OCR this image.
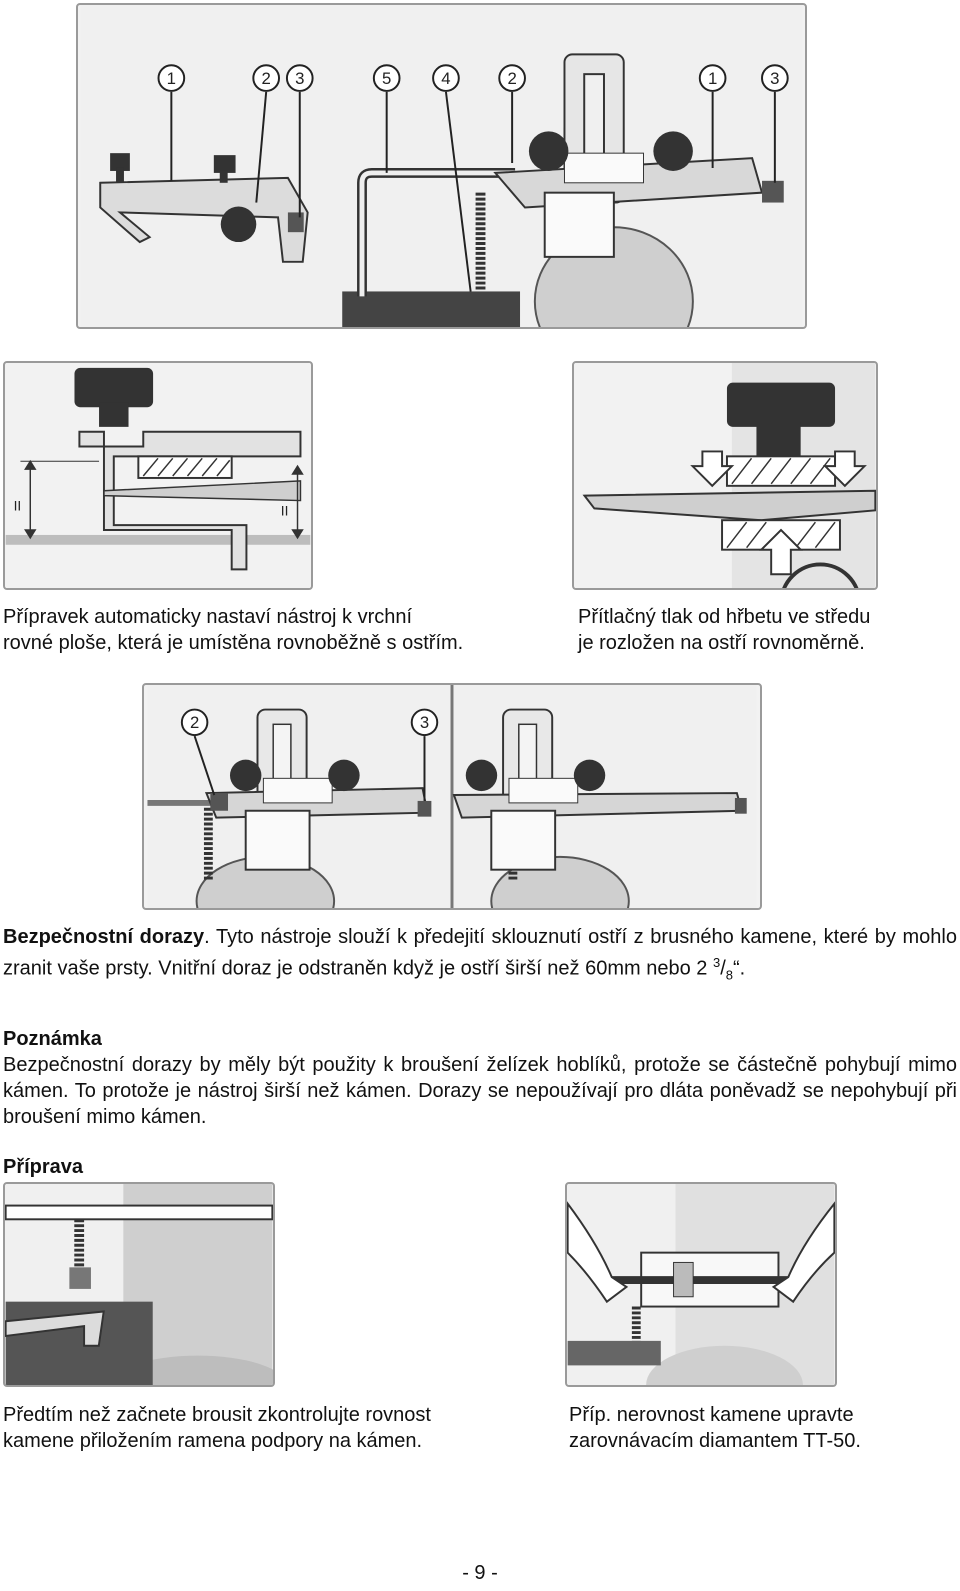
1	2 3	5	4	2	1	3
II	II

Přípravek automaticky nastaví nástroj k vrchní

rovné ploše, která je umístěna rovnoběžně s ostřím.

Přítlačný tlak od hřbetu ve středu

je rozložen na ostří rovnoměrně.

2	3

Bezpečnostní dorazy. Tyto nástroje slouží k předejití sklouznutí ostří z brusného kamene, které by mohlo zranit vaše prsty. Vnitřní doraz je odstraněn když je ostří širší než 60mm nebo 2 $^3/_8“$.

Poznámka

Bezpečnostní dorazy by měly být použity k broušení želízek hoblíků, protože se částečně pohybují mimo kámen. To protože je nástroj širší než kámen. Dorazy se nepoužívají pro dláta poněvadž se nepohybují při broušení mimo kámen.

Příprava

Předtím než začnete brousit zkontrolujte rovnost

kamene přiložením ramena podpory na kámen.

Příp. nerovnost kamene upravte

zarovnávacím diamantem TT-50.

- 9 -
